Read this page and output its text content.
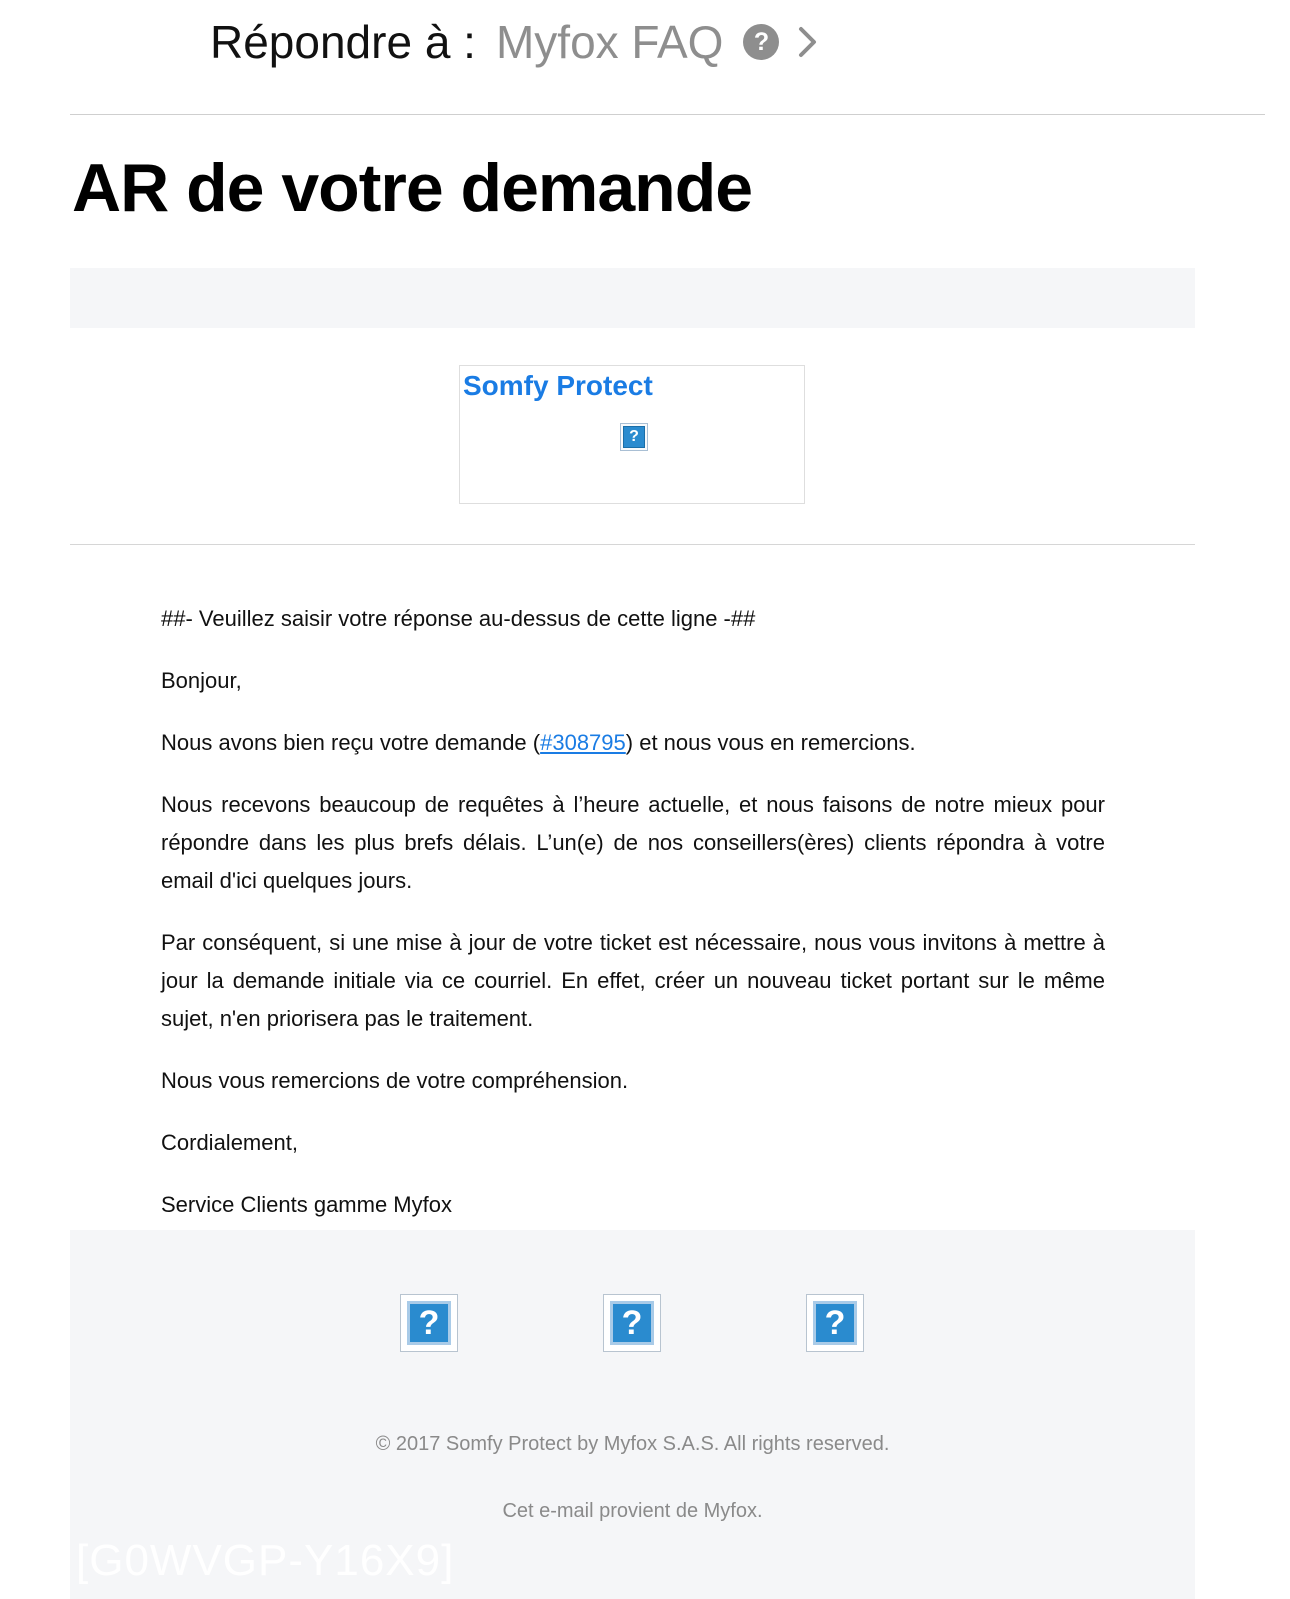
Répondre à : Myfox FAQ	?
AR de votre demande
Somfy Protect
?

##- Veuillez saisir votre réponse au-dessus de cette ligne -##

Bonjour,

Nous avons bien reçu votre demande (#308795) et nous vous en remercions.

Nous recevons beaucoup de requêtes à l’heure actuelle, et nous faisons de notre mieux pour répondre dans les plus brefs délais. L’un(e) de nos conseillers(ères) clients répondra à votre email d'ici quelques jours.

Par conséquent, si une mise à jour de votre ticket est nécessaire, nous vous invitons à mettre à jour la demande initiale via ce courriel. En effet, créer un nouveau ticket portant sur le même sujet, n'en priorisera pas le traitement.

Nous vous remercions de votre compréhension.

Cordialement,

Service Clients gamme Myfox

?	?	?
© 2017 Somfy Protect by Myfox S.A.S. All rights reserved.
Cet e-mail provient de Myfox.
[G0WVGP-Y16X9]
